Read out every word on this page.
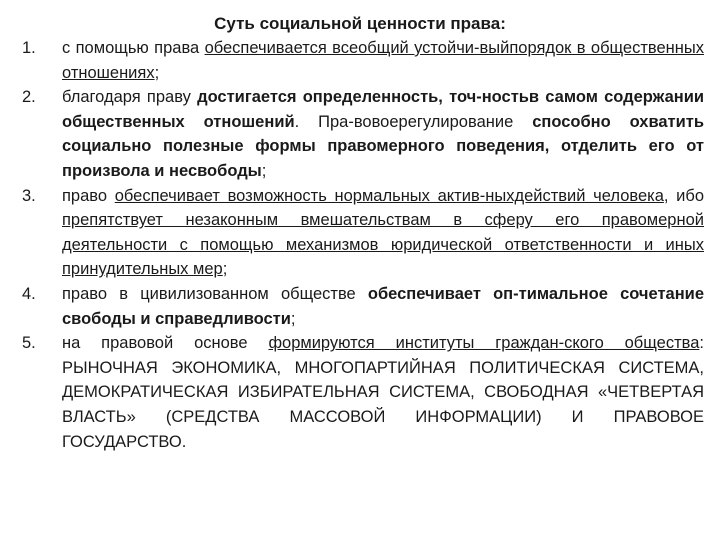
Суть социальной ценности права:
1.	с помощью права обеспечивается всеобщий устойчи-выйпорядок в общественных отношениях;
2.	благодаря праву достигается определенность, точ-ностьв самом содержании общественных отношений. Пра-вовоерегулирование способно охватить социально полезные формы правомерного поведения, отделить его от произвола и несвободы;
3.	право обеспечивает возможность нормальных актив-ныхдействий человека, ибо препятствует незаконным вмешательствам в сферу его правомерной деятельности с помощью механизмов юридической ответственности и иных принудительных мер;
4.	право в цивилизованном обществе обеспечивает оп-тимальное сочетание свободы и справедливости;
5.	на правовой основе формируются институты граждан-ского общества: РЫНОЧНАЯ ЭКОНОМИКА, МНОГОПАРТИЙНАЯ ПОЛИТИЧЕСКАЯ СИСТЕМА, ДЕМОКРАТИЧЕСКАЯ ИЗБИРАТЕЛЬНАЯ СИСТЕМА, СВОБОДНАЯ «ЧЕТВЕРТАЯ ВЛАСТЬ» (СРЕДСТВА МАССОВОЙ ИНФОРМАЦИИ) И ПРАВОВОЕ ГОСУДАРСТВО.
